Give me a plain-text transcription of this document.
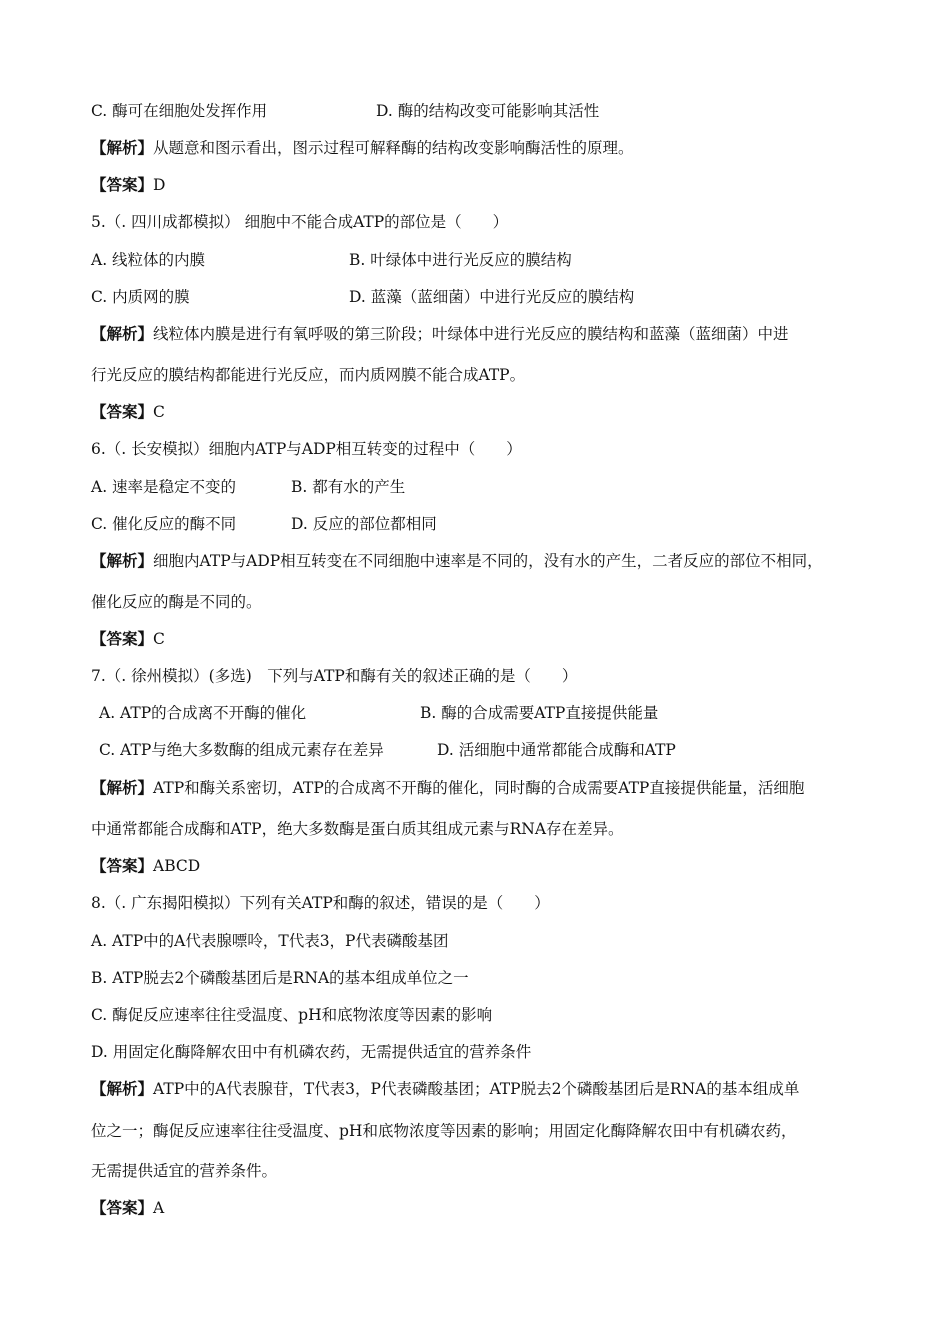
C. 酶可在细胞处发挥作用	D. 酶的结构改变可能影响其活性
【解析】从题意和图示看出，图示过程可解释酶的结构改变影响酶活性的原理。
【答案】D
5.（. 四川成都模拟） 细胞中不能合成ATP的部位是（　　）
A. 线粒体的内膜	B. 叶绿体中进行光反应的膜结构
C. 内质网的膜	D. 蓝藻（蓝细菌）中进行光反应的膜结构
【解析】线粒体内膜是进行有氧呼吸的第三阶段；叶绿体中进行光反应的膜结构和蓝藻（蓝细菌）中进
行光反应的膜结构都能进行光反应，而内质网膜不能合成ATP。
【答案】C
6.（. 长安模拟）细胞内ATP与ADP相互转变的过程中（　　）
A. 速率是稳定不变的	B. 都有水的产生
C. 催化反应的酶不同	D. 反应的部位都相同
【解析】细胞内ATP与ADP相互转变在不同细胞中速率是不同的，没有水的产生，二者反应的部位不相同，
催化反应的酶是不同的。
【答案】C
7.（. 徐州模拟）(多选)　下列与ATP和酶有关的叙述正确的是（　　）
A. ATP的合成离不开酶的催化	B. 酶的合成需要ATP直接提供能量
C. ATP与绝大多数酶的组成元素存在差异	D. 活细胞中通常都能合成酶和ATP
【解析】ATP和酶关系密切，ATP的合成离不开酶的催化，同时酶的合成需要ATP直接提供能量，活细胞
中通常都能合成酶和ATP，绝大多数酶是蛋白质其组成元素与RNA存在差异。
【答案】ABCD
8.（. 广东揭阳模拟）下列有关ATP和酶的叙述，错误的是（　　）
A. ATP中的A代表腺嘌呤，T代表3，P代表磷酸基团
B. ATP脱去2个磷酸基团后是RNA的基本组成单位之一
C. 酶促反应速率往往受温度、pH和底物浓度等因素的影响
D. 用固定化酶降解农田中有机磷农药，无需提供适宜的营养条件
【解析】ATP中的A代表腺苷，T代表3，P代表磷酸基团；ATP脱去2个磷酸基团后是RNA的基本组成单
位之一；酶促反应速率往往受温度、pH和底物浓度等因素的影响；用固定化酶降解农田中有机磷农药，
无需提供适宜的营养条件。
【答案】A
